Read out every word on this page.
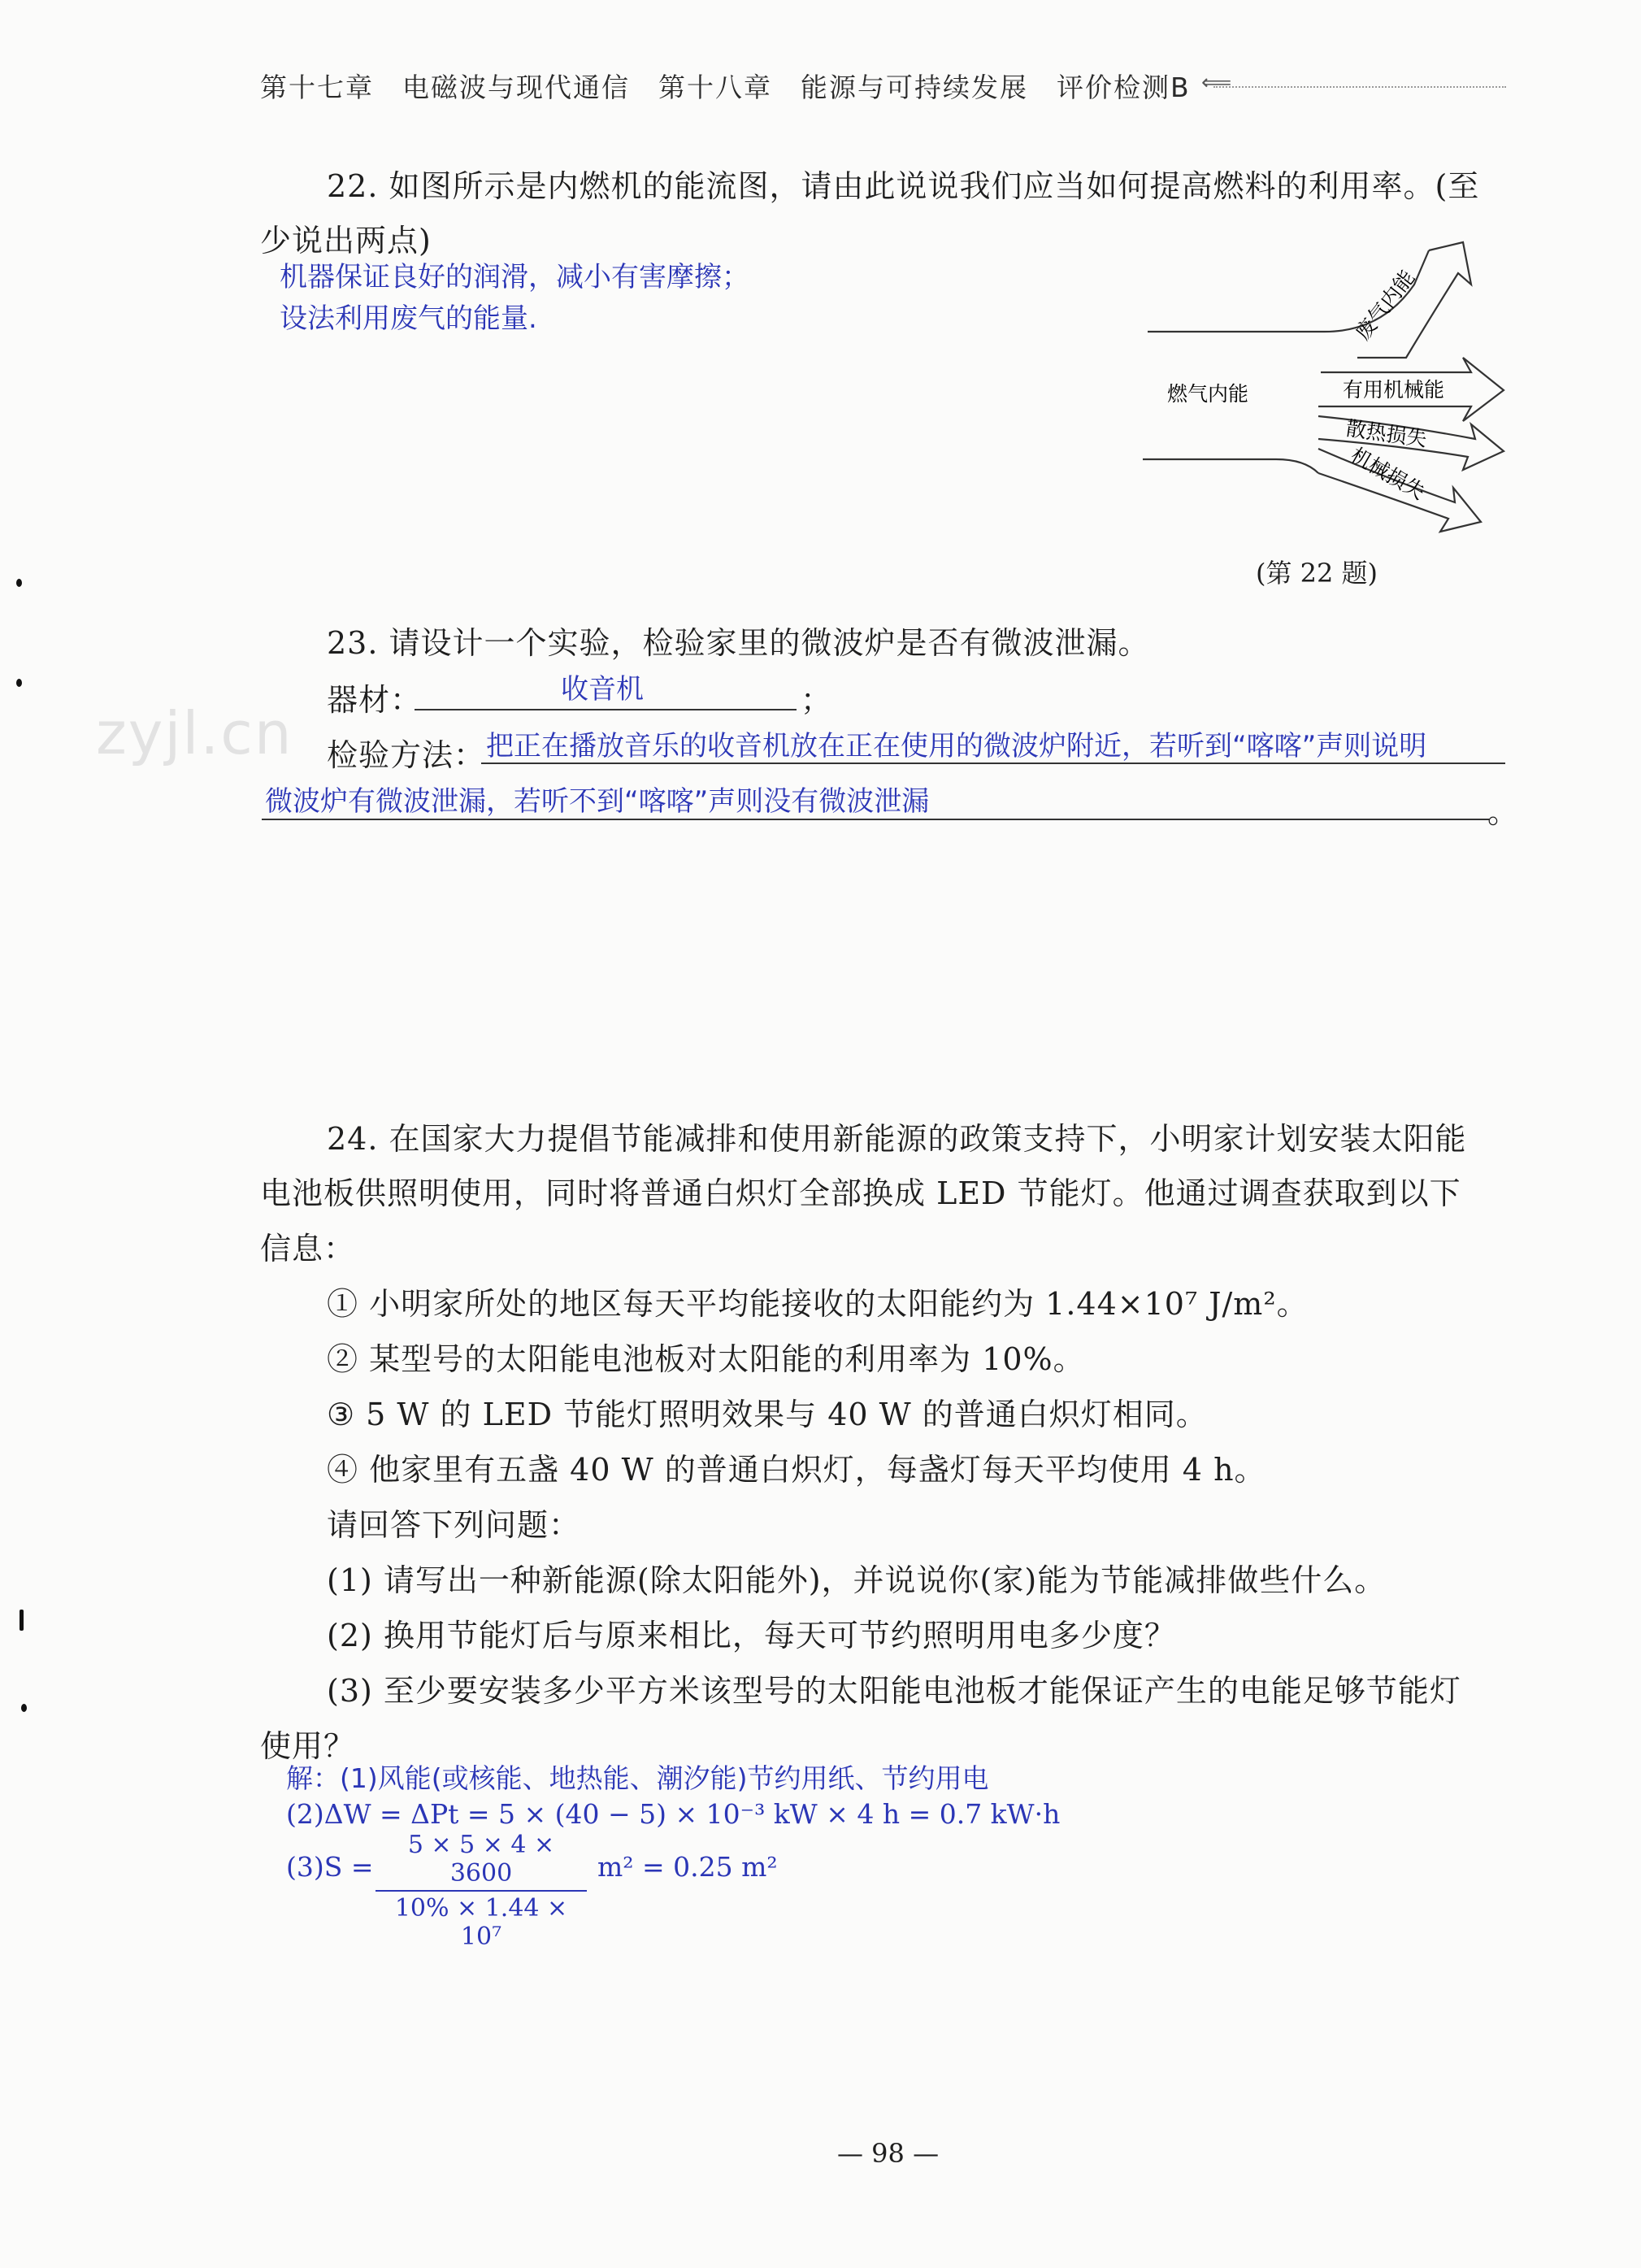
zyjl.cn
第十七章　电磁波与现代通信　第十八章　能源与可持续发展　评价检测B ⟸
22. 如图所示是内燃机的能流图，请由此说说我们应当如何提高燃料的利用率。(至
少说出两点)
机器保证良好的润滑，减小有害摩擦；
设法利用废气的能量.
燃气内能	有用机械能
散热损失
机械损失
废气内能
(第 22 题)
23. 请设计一个实验，检验家里的微波炉是否有微波泄漏。
器材：	收音机	；
检验方法： 把正在播放音乐的收音机放在正在使用的微波炉附近，若听到“喀喀”声则说明
微波炉有微波泄漏，若听不到“喀喀”声则没有微波泄漏	。
24. 在国家大力提倡节能减排和使用新能源的政策支持下，小明家计划安装太阳能
电池板供照明使用，同时将普通白炽灯全部换成 LED 节能灯。他通过调查获取到以下
信息：
① 小明家所处的地区每天平均能接收的太阳能约为 1.44×10⁷ J/m²。
② 某型号的太阳能电池板对太阳能的利用率为 10%。
③ 5 W 的 LED 节能灯照明效果与 40 W 的普通白炽灯相同。
④ 他家里有五盏 40 W 的普通白炽灯，每盏灯每天平均使用 4 h。
请回答下列问题：
(1) 请写出一种新能源(除太阳能外)，并说说你(家)能为节能减排做些什么。
(2) 换用节能灯后与原来相比，每天可节约照明用电多少度？
(3) 至少要安装多少平方米该型号的太阳能电池板才能保证产生的电能足够节能灯
使用？
解：(1)风能(或核能、地热能、潮汐能)节约用纸、节约用电
(2)ΔW = ΔPt = 5 × (40 − 5) × 10⁻³ kW × 4 h = 0.7 kW·h
(3)S =
5 × 5 × 4 × 3600
10% × 1.44 × 10⁷
m² = 0.25 m²
— 98 —
